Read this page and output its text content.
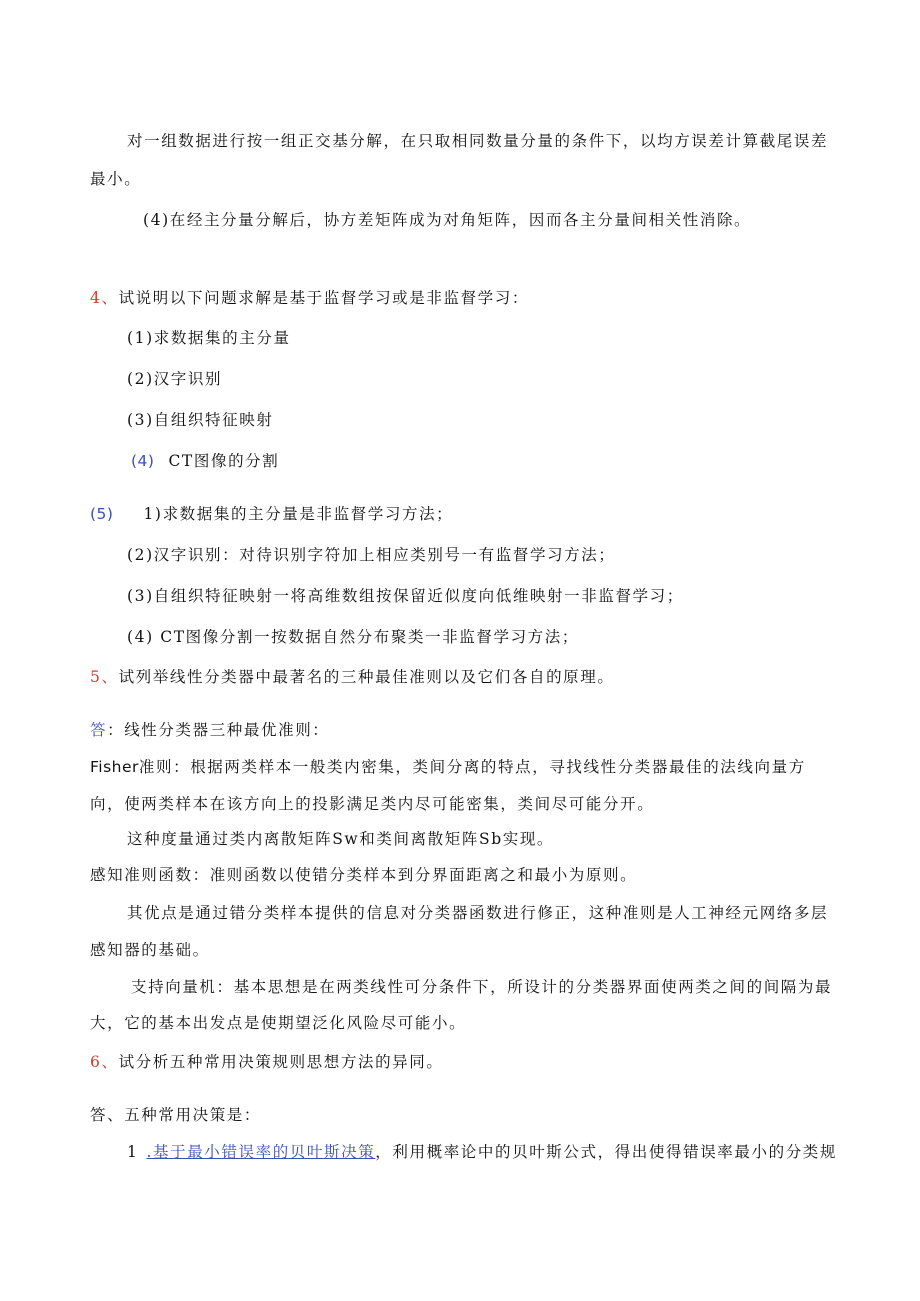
对一组数据进行按一组正交基分解，在只取相同数量分量的条件下，以均方误差计算截尾误差
最小。
(4)在经主分量分解后，协方差矩阵成为对角矩阵，因而各主分量间相关性消除。
4、试说明以下问题求解是基于监督学习或是非监督学习：
(1)求数据集的主分量
(2)汉字识别
(3)自组织特征映射
(4) CT图像的分割
(5) 1)求数据集的主分量是非监督学习方法；
(2)汉字识别：对待识别字符加上相应类别号一有监督学习方法；
(3)自组织特征映射一将高维数组按保留近似度向低维映射一非监督学习；
(4) CT图像分割一按数据自然分布聚类一非监督学习方法；
5、试列举线性分类器中最著名的三种最佳准则以及它们各自的原理。
答：线性分类器三种最优准则：
Fisher准则：根据两类样本一般类内密集，类间分离的特点，寻找线性分类器最佳的法线向量方
向，使两类样本在该方向上的投影满足类内尽可能密集，类间尽可能分开。
这种度量通过类内离散矩阵Sw和类间离散矩阵Sb实现。
感知准则函数：准则函数以使错分类样本到分界面距离之和最小为原则。
其优点是通过错分类样本提供的信息对分类器函数进行修正，这种准则是人工神经元网络多层
感知器的基础。
支持向量机：基本思想是在两类线性可分条件下，所设计的分类器界面使两类之间的间隔为最
大，它的基本出发点是使期望泛化风险尽可能小。
6、试分析五种常用决策规则思想方法的异同。
答、五种常用决策是：
1 .基于最小错误率的贝叶斯决策，利用概率论中的贝叶斯公式，得出使得错误率最小的分类规
